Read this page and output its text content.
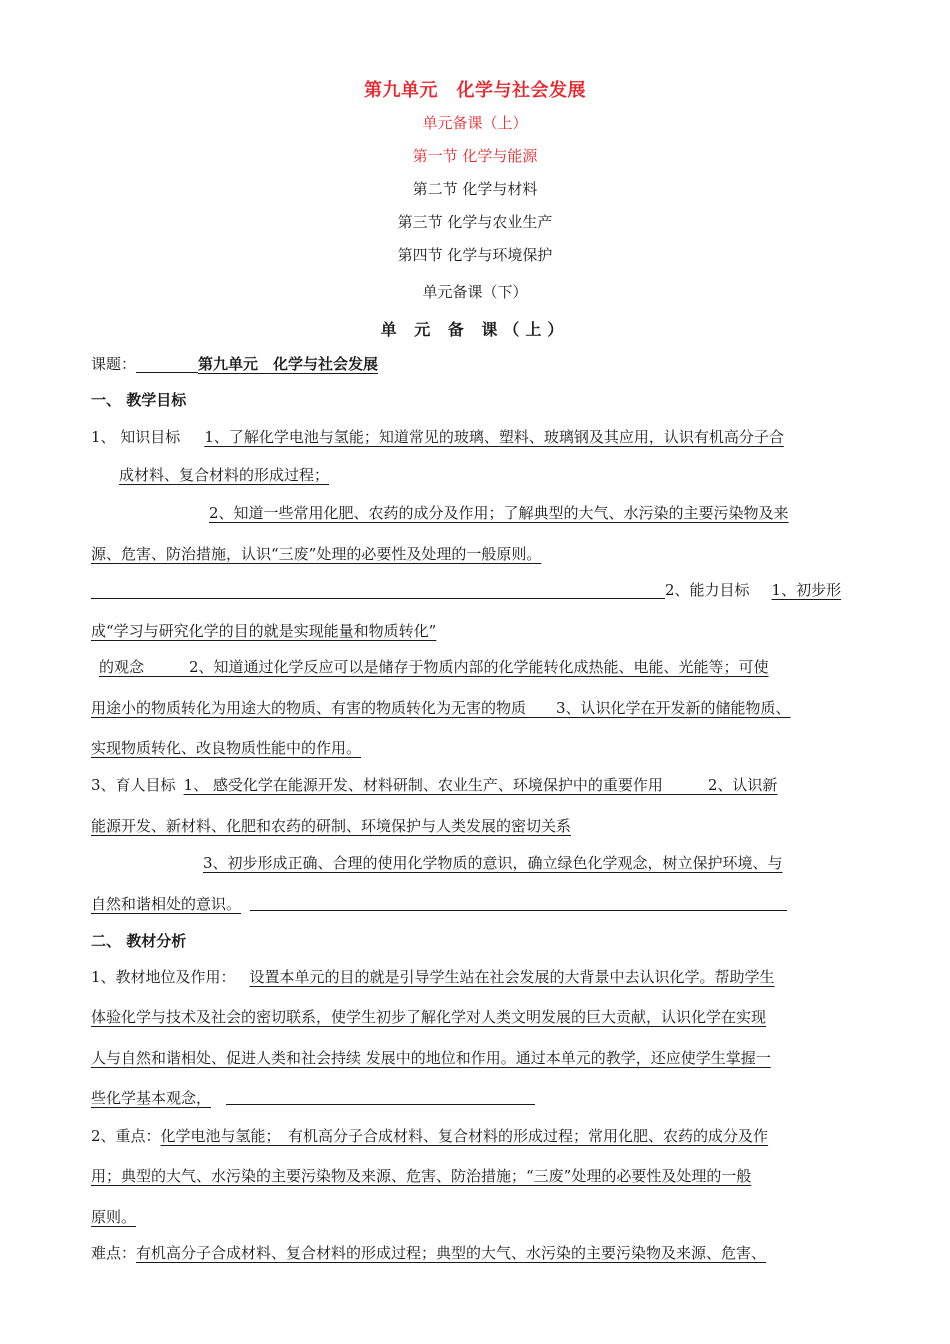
第九单元　化学与社会发展
单元备课（上）
第一节 化学与能源
第二节 化学与材料
第三节 化学与农业生产
第四节 化学与环境保护
单元备课（下）
单 元 备 课（上）
课题：	第九单元　化学与社会发展
一、 教学目标
1、 知识目标 1、了解化学电池与氢能；知道常见的玻璃、塑料、玻璃钢及其应用，认识有机高分子合
成材料、复合材料的形成过程；
2、知道一些常用化肥、农药的成分及作用；了解典型的大气、水污染的主要污染物及来
源、危害、防治措施，认识“三废”处理的必要性及处理的一般原则。
2、能力目标 1、初步形
成“学习与研究化学的目的就是实现能量和物质转化”
的观念　　　2、知道通过化学反应可以是储存于物质内部的化学能转化成热能、电能、光能等；可使
用途小的物质转化为用途大的物质、有害的物质转化为无害的物质　　3、认识化学在开发新的储能物质、
实现物质转化、改良物质性能中的作用。
3、育人目标 1、 感受化学在能源开发、材料研制、农业生产、环境保护中的重要作用　　　2、认识新
能源开发、新材料、化肥和农药的研制、环境保护与人类发展的密切关系
3、初步形成正确、合理的使用化学物质的意识，确立绿色化学观念，树立保护环境、与
自然和谐相处的意识。
二、 教材分析
1、教材地位及作用： 设置本单元的目的就是引导学生站在社会发展的大背景中去认识化学。帮助学生
体验化学与技术及社会的密切联系，使学生初步了解化学对人类文明发展的巨大贡献，认识化学在实现
人与自然和谐相处、促进人类和社会持续 发展中的地位和作用。通过本单元的教学，还应使学生掌握一
些化学基本观念，
2、重点：化学电池与氢能；　有机高分子合成材料、复合材料的形成过程；常用化肥、农药的成分及作
用；典型的大气、水污染的主要污染物及来源、危害、防治措施；“三废”处理的必要性及处理的一般
原则。
难点：有机高分子合成材料、复合材料的形成过程；典型的大气、水污染的主要污染物及来源、危害、
